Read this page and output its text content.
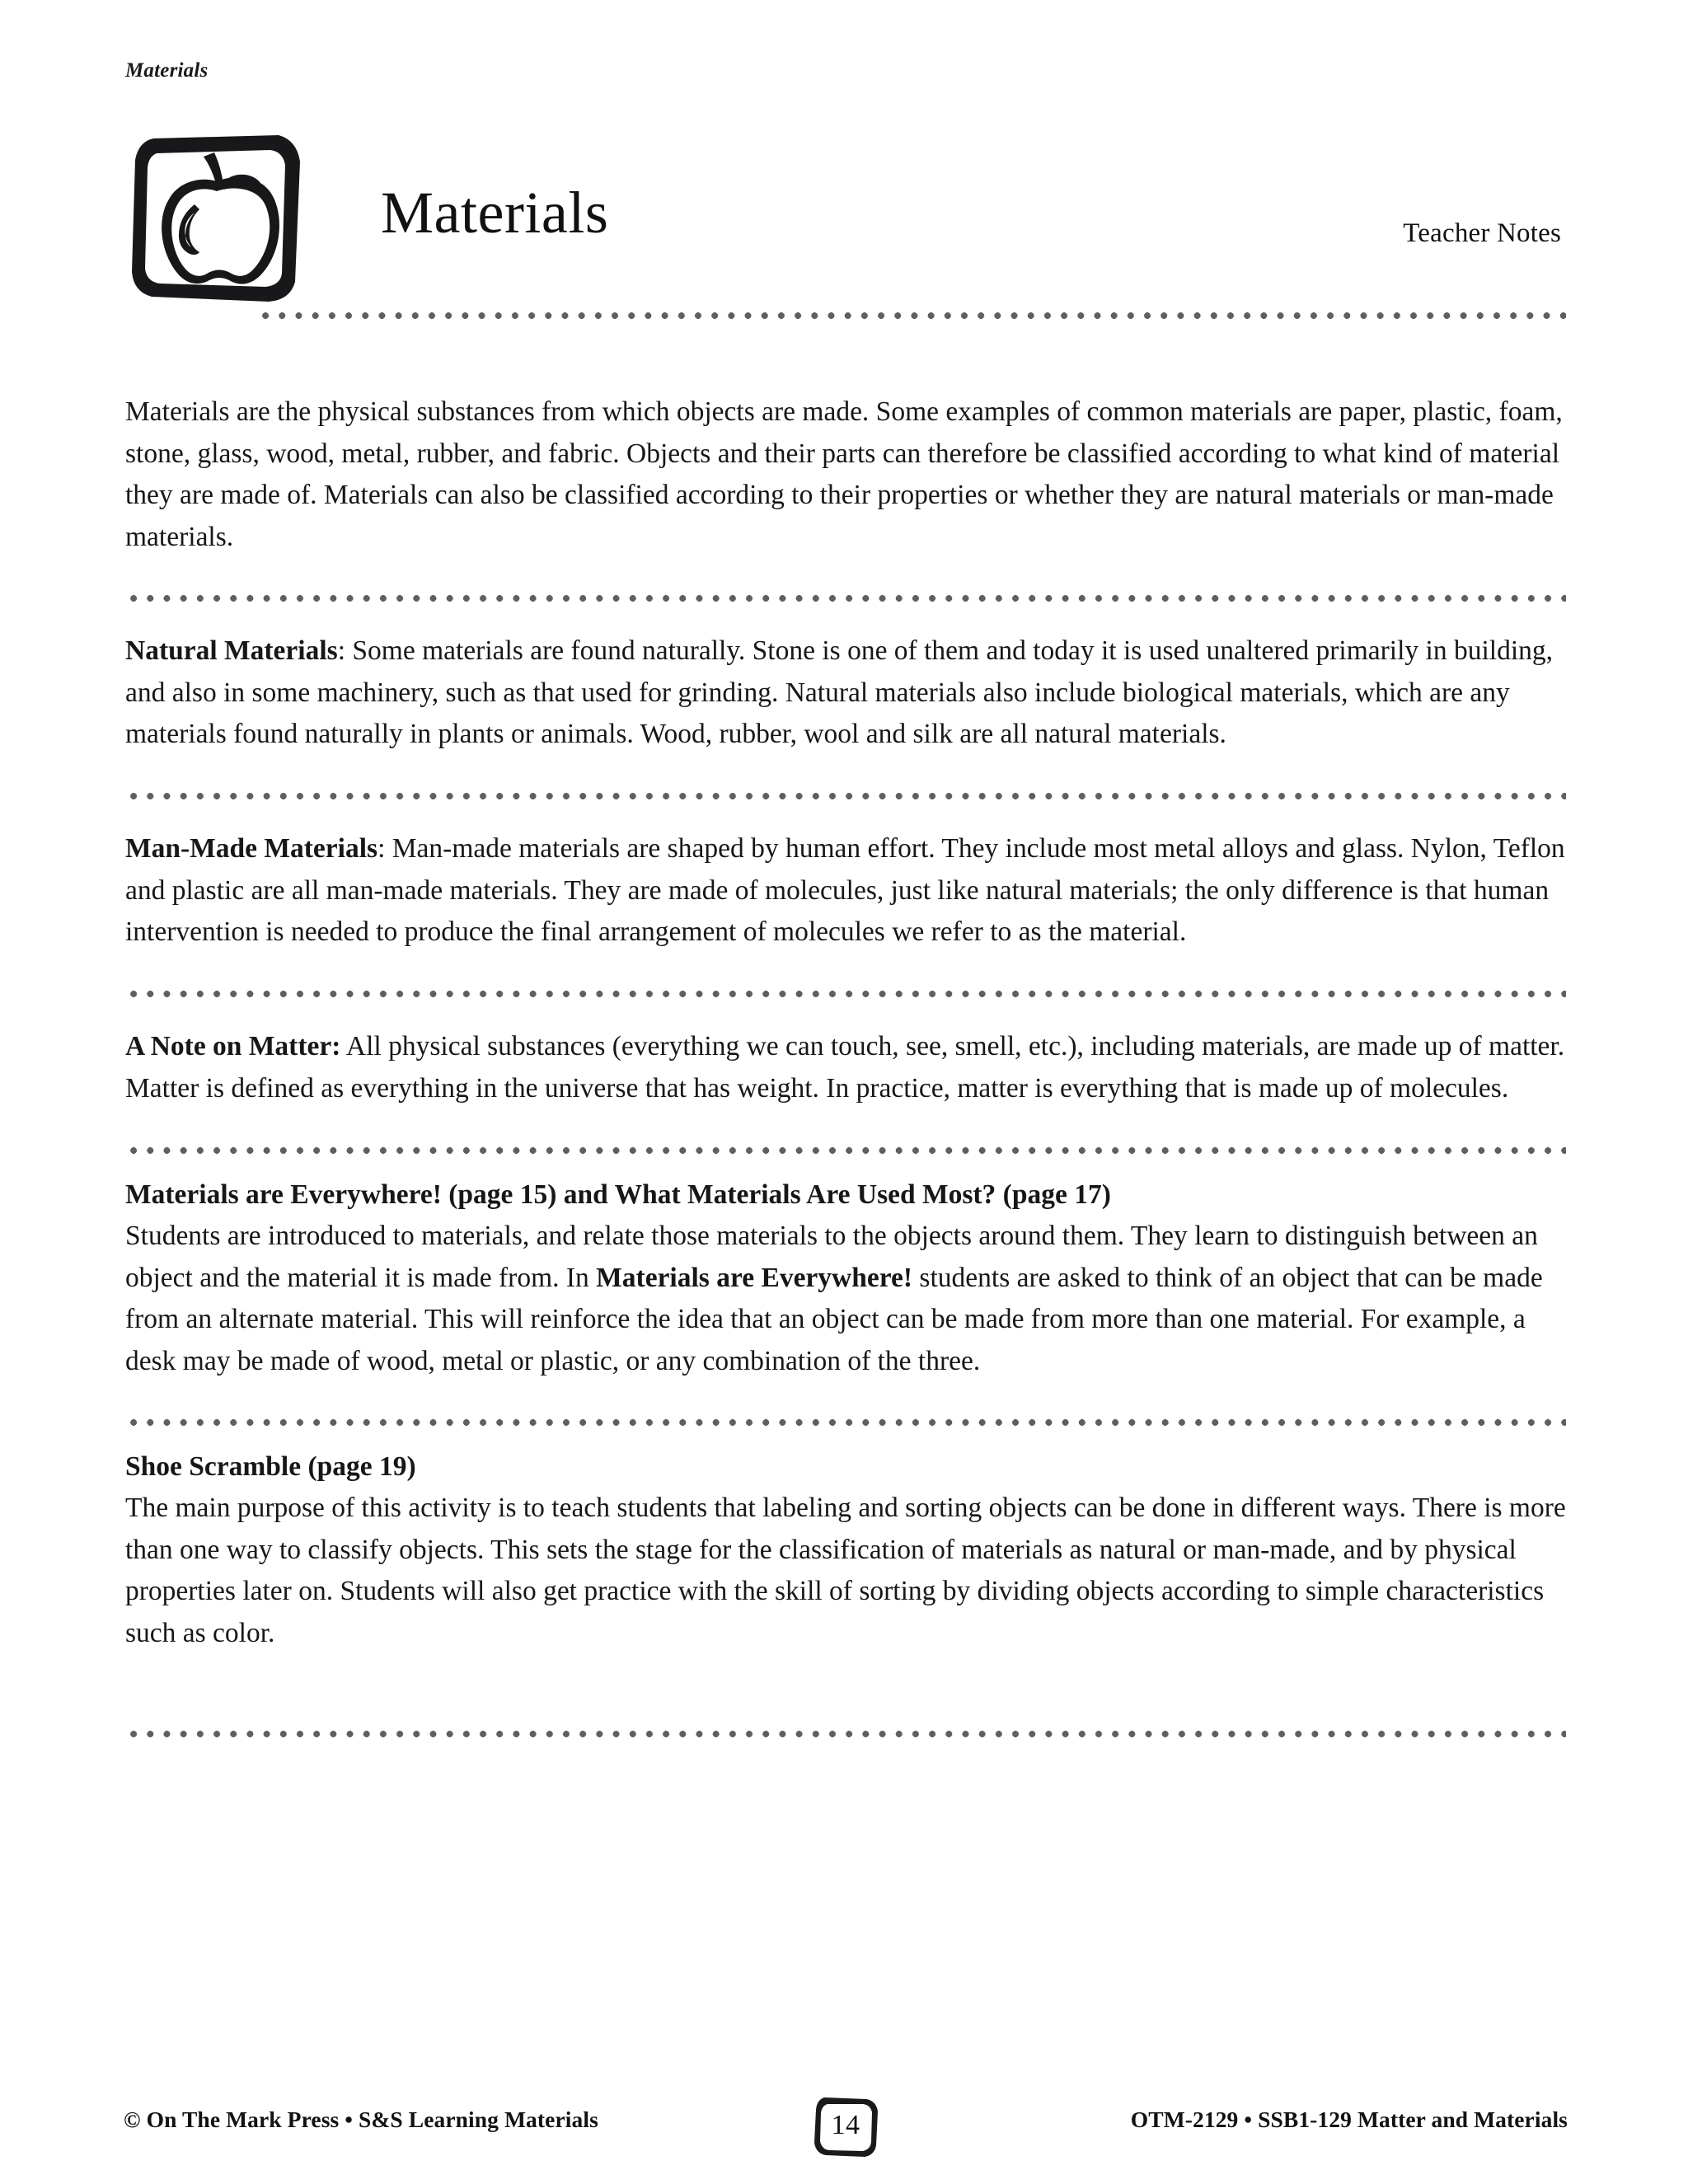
Materials
Materials	Teacher Notes
Materials are the physical substances from which objects are made. Some examples of common materials are paper, plastic, foam, stone, glass, wood, metal, rubber, and fabric. Objects and their parts can therefore be classified according to what kind of material they are made of. Materials can also be classified according to their properties or whether they are natural materials or man-made materials.
Natural Materials: Some materials are found naturally. Stone is one of them and today it is used unaltered primarily in building, and also in some machinery, such as that used for grinding. Natural materials also include biological materials, which are any materials found naturally in plants or animals. Wood, rubber, wool and silk are all natural materials.
Man-Made Materials: Man-made materials are shaped by human effort. They include most metal alloys and glass. Nylon, Teflon and plastic are all man-made materials. They are made of molecules, just like natural materials; the only difference is that human intervention is needed to produce the final arrangement of molecules we refer to as the material.
A Note on Matter: All physical substances (everything we can touch, see, smell, etc.), including materials, are made up of matter. Matter is defined as everything in the universe that has weight. In practice, matter is everything that is made up of molecules.
Materials are Everywhere! (page 15) and What Materials Are Used Most? (page 17)
Students are introduced to materials, and relate those materials to the objects around them. They learn to distinguish between an object and the material it is made from. In Materials are Everywhere! students are asked to think of an object that can be made from an alternate material. This will reinforce the idea that an object can be made from more than one material. For example, a desk may be made of wood, metal or plastic, or any combination of the three.
Shoe Scramble (page 19)
The main purpose of this activity is to teach students that labeling and sorting objects can be done in different ways. There is more than one way to classify objects. This sets the stage for the classification of materials as natural or man-made, and by physical properties later on. Students will also get practice with the skill of sorting by dividing objects according to simple characteristics such as color.
© On The Mark Press • S&S Learning Materials	14	OTM-2129 • SSB1-129 Matter and Materials
